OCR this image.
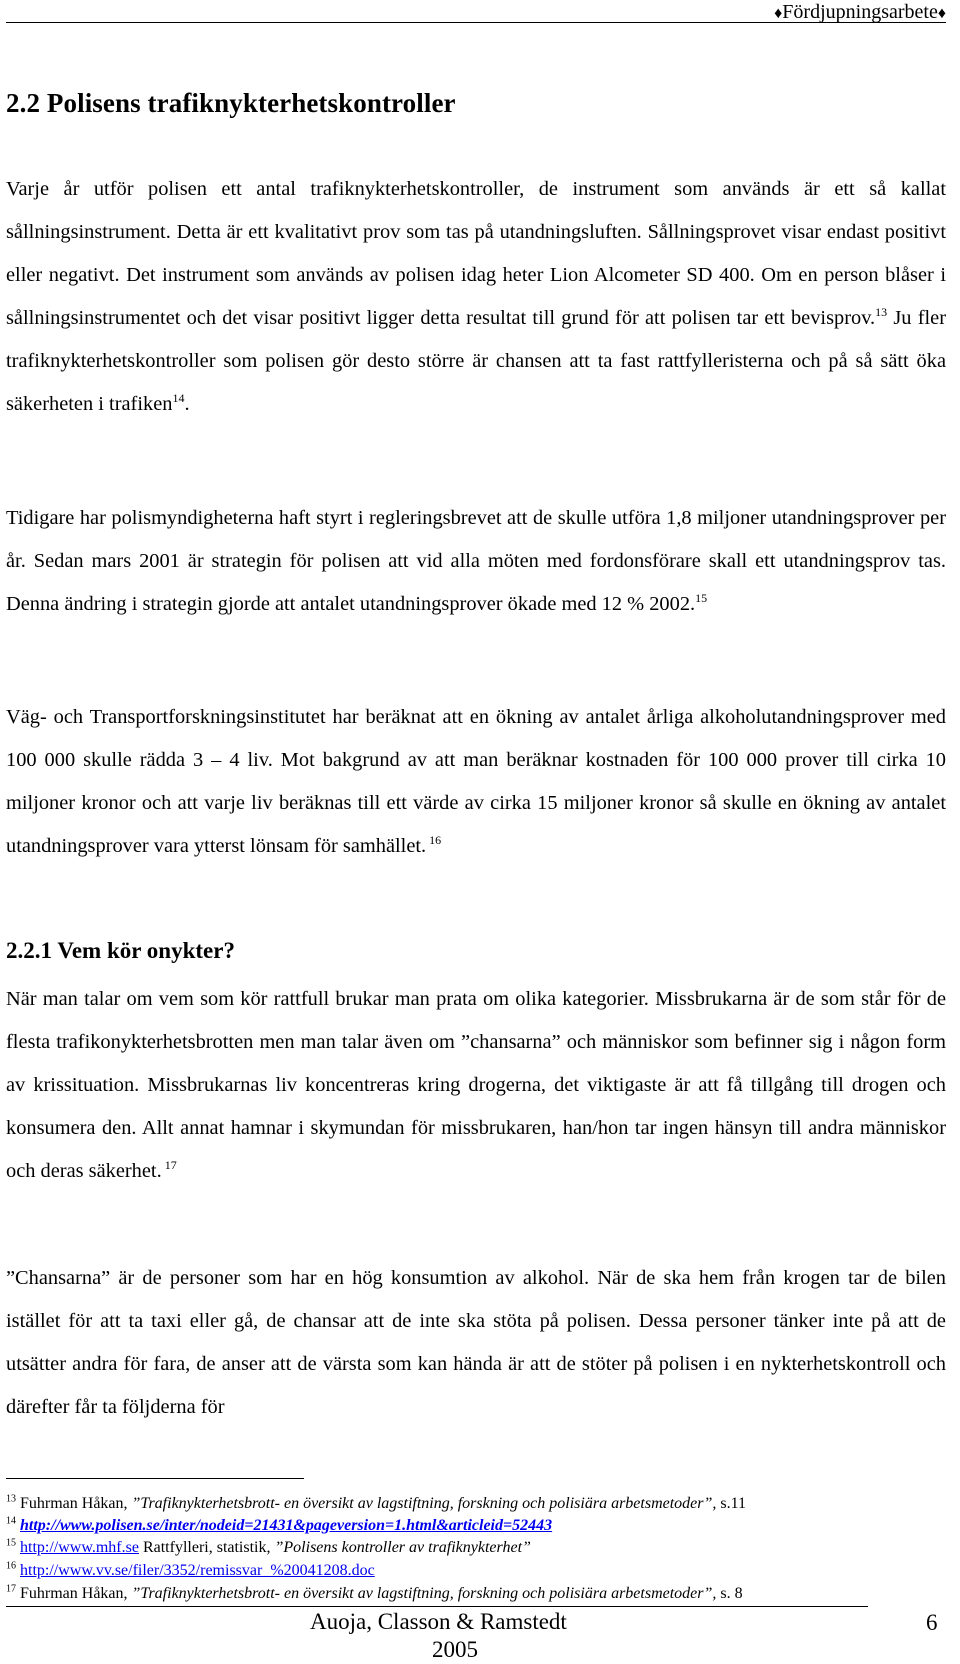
♦Fördjupningsarbete♦
2.2 Polisens trafiknykterhetskontroller

Varje år utför polisen ett antal trafiknykterhetskontroller, de instrument som används är ett så kallat sållningsinstrument. Detta är ett kvalitativt prov som tas på utandningsluften. Sållningsprovet visar endast positivt eller negativt. Det instrument som används av polisen idag heter Lion Alcometer SD 400. Om en person blåser i sållningsinstrumentet och det visar positivt ligger detta resultat till grund för att polisen tar ett bevisprov.$^{13}$ Ju fler trafiknykterhetskontroller som polisen gör desto större är chansen att ta fast rattfylleristerna och på så sätt öka säkerheten i trafiken$^{14}$.

Tidigare har polismyndigheterna haft styrt i regleringsbrevet att de skulle utföra 1,8 miljoner utandningsprover per år. Sedan mars 2001 är strategin för polisen att vid alla möten med fordonsförare skall ett utandningsprov tas. Denna ändring i strategin gjorde att antalet utandningsprover ökade med 12 % 2002.15

Väg- och Transportforskningsinstitutet har beräknat att en ökning av antalet årliga alkoholutandningsprover med 100 000 skulle rädda 3 – 4 liv. Mot bakgrund av att man beräknar kostnaden för 100 000 prover till cirka 10 miljoner kronor och att varje liv beräknas till ett värde av cirka 15 miljoner kronor så skulle en ökning av antalet utandningsprover vara ytterst lönsam för samhället. $^{16}$

2.2.1 Vem kör onykter?

När man talar om vem som kör rattfull brukar man prata om olika kategorier. Missbrukarna är de som står för de flesta trafikonykterhetsbrotten men man talar även om ”chansarna” och människor som befinner sig i någon form av krissituation. Missbrukarnas liv koncentreras kring drogerna, det viktigaste är att få tillgång till drogen och konsumera den. Allt annat hamnar i skymundan för missbrukaren, han/hon tar ingen hänsyn till andra människor och deras säkerhet. $^{17}$

”Chansarna” är de personer som har en hög konsumtion av alkohol. När de ska hem från krogen tar de bilen istället för att ta taxi eller gå, de chansar att de inte ska stöta på polisen. Dessa personer tänker inte på att de utsätter andra för fara, de anser att de värsta som kan hända är att de stöter på polisen i en nykterhetskontroll och därefter får ta följderna för

$^{13}$ Fuhrman Håkan, ”Trafiknykterhetsbrott- en översikt av lagstiftning, forskning och polisiära arbetsmetoder”, s.11

$^{14}$ http://www.polisen.se/inter/nodeid=21431&pageversion=1.html&articleid=52443

$^{15}$ http://www.mhf.se Rattfylleri, statistik, ”Polisens kontroller av trafiknykterhet”

$^{16}$ http://www.vv.se/filer/3352/remissvar_%20041208.doc

$^{17}$ Fuhrman Håkan, ”Trafiknykterhetsbrott- en översikt av lagstiftning, forskning och polisiära arbetsmetoder”, s. 8

Auoja, Classon & Ramstedt
2005
6
